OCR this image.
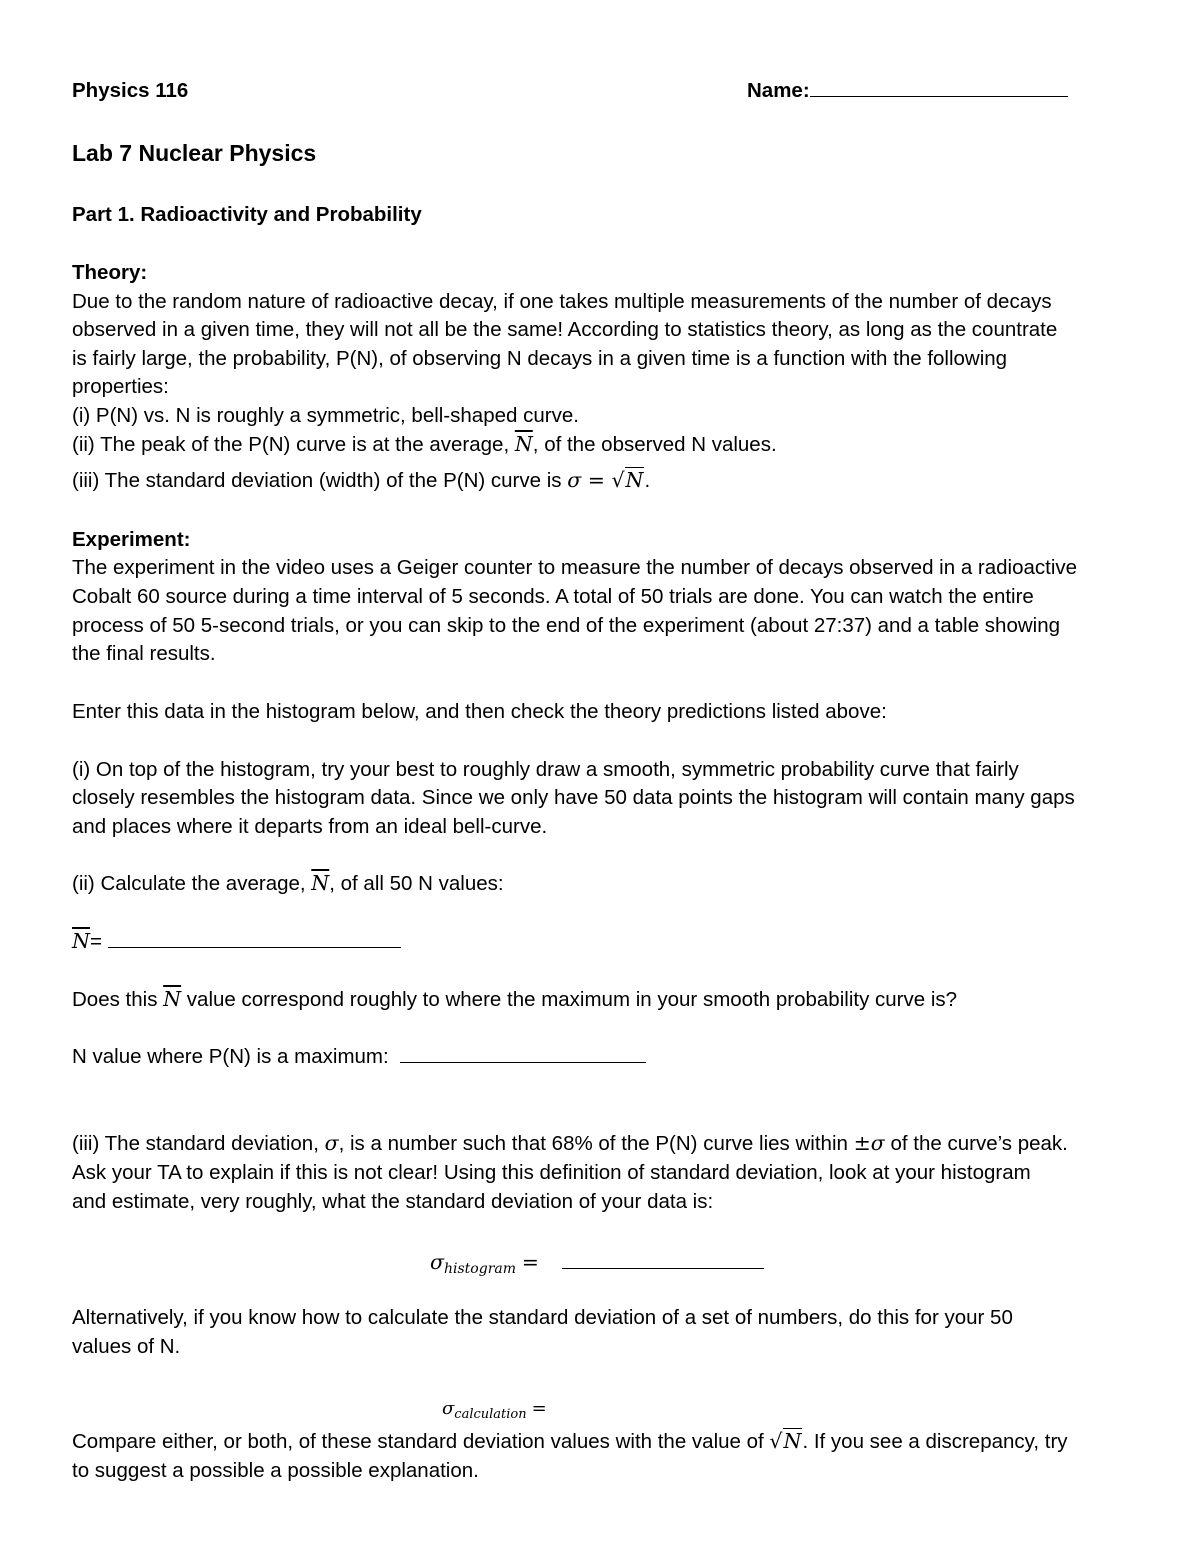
Physics 116	Name:
Lab 7 Nuclear Physics
Part 1. Radioactivity and Probability
Theory:
Due to the random nature of radioactive decay, if one takes multiple measurements of the number of decays
observed in a given time, they will not all be the same! According to statistics theory, as long as the countrate
is fairly large, the probability, P(N), of observing N decays in a given time is a function with the following
properties:
(i) P(N) vs. N is roughly a symmetric, bell-shaped curve.
(ii) The peak of the P(N) curve is at the average, $\overline{N}$, of the observed N values.
(iii) The standard deviation (width) of the P(N) curve is σ = √N.
Experiment:
The experiment in the video uses a Geiger counter to measure the number of decays observed in a radioactive
Cobalt 60 source during a time interval of 5 seconds. A total of 50 trials are done. You can watch the entire
process of 50 5-second trials, or you can skip to the end of the experiment (about 27:37) and a table showing
the final results.
Enter this data in the histogram below, and then check the theory predictions listed above:
(i) On top of the histogram, try your best to roughly draw a smooth, symmetric probability curve that fairly
closely resembles the histogram data. Since we only have 50 data points the histogram will contain many gaps
and places where it departs from an ideal bell-curve.
(ii) Calculate the average, $\overline{N}$, of all 50 N values:
$\overline{N}=$
Does this $\overline{N}$ value correspond roughly to where the maximum in your smooth probability curve is?
N value where P(N) is a maximum:
(iii) The standard deviation, σ, is a number such that 68% of the P(N) curve lies within ±σ of the curve’s peak.
Ask your TA to explain if this is not clear! Using this definition of standard deviation, look at your histogram
and estimate, very roughly, what the standard deviation of your data is:
$\sigma_{histogram}$ =
Alternatively, if you know how to calculate the standard deviation of a set of numbers, do this for your 50
values of N.
$\sigma_{calculation}$ =
Compare either, or both, of these standard deviation values with the value of √N. If you see a discrepancy, try
to suggest a possible a possible explanation.
